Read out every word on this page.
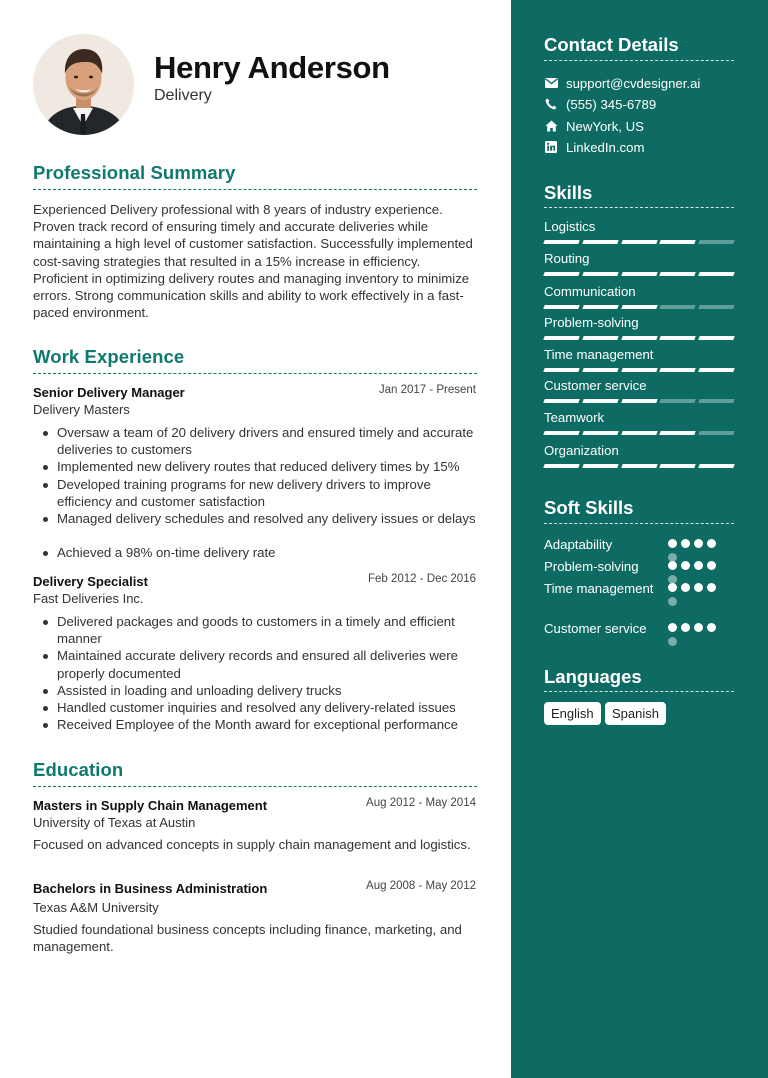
Henry Anderson
Delivery
Professional Summary
Experienced Delivery professional with 8 years of industry experience. Proven track record of ensuring timely and accurate deliveries while maintaining a high level of customer satisfaction. Successfully implemented cost-saving strategies that resulted in a 15% increase in efficiency. Proficient in optimizing delivery routes and managing inventory to minimize errors. Strong communication skills and ability to work effectively in a fast-paced environment.
Work Experience
Senior Delivery Manager	Jan 2017 - Present
Delivery Masters
Oversaw a team of 20 delivery drivers and ensured timely and accurate deliveries to customers
Implemented new delivery routes that reduced delivery times by 15%
Developed training programs for new delivery drivers to improve efficiency and customer satisfaction
Managed delivery schedules and resolved any delivery issues or delays
Achieved a 98% on-time delivery rate
Delivery Specialist	Feb 2012 - Dec 2016
Fast Deliveries Inc.
Delivered packages and goods to customers in a timely and efficient manner
Maintained accurate delivery records and ensured all deliveries were properly documented
Assisted in loading and unloading delivery trucks
Handled customer inquiries and resolved any delivery-related issues
Received Employee of the Month award for exceptional performance
Education
Masters in Supply Chain Management	Aug 2012 - May 2014
University of Texas at Austin
Focused on advanced concepts in supply chain management and logistics.
Bachelors in Business Administration	Aug 2008 - May 2012
Texas A&M University
Studied foundational business concepts including finance, marketing, and management.
Contact Details
support@cvdesigner.ai
(555) 345-6789
NewYork, US
LinkedIn.com
Skills
Logistics
Routing
Communication
Problem-solving
Time management
Customer service
Teamwork
Organization
Soft Skills
Adaptability
Problem-solving
Time management
Customer service
Languages
English	Spanish
